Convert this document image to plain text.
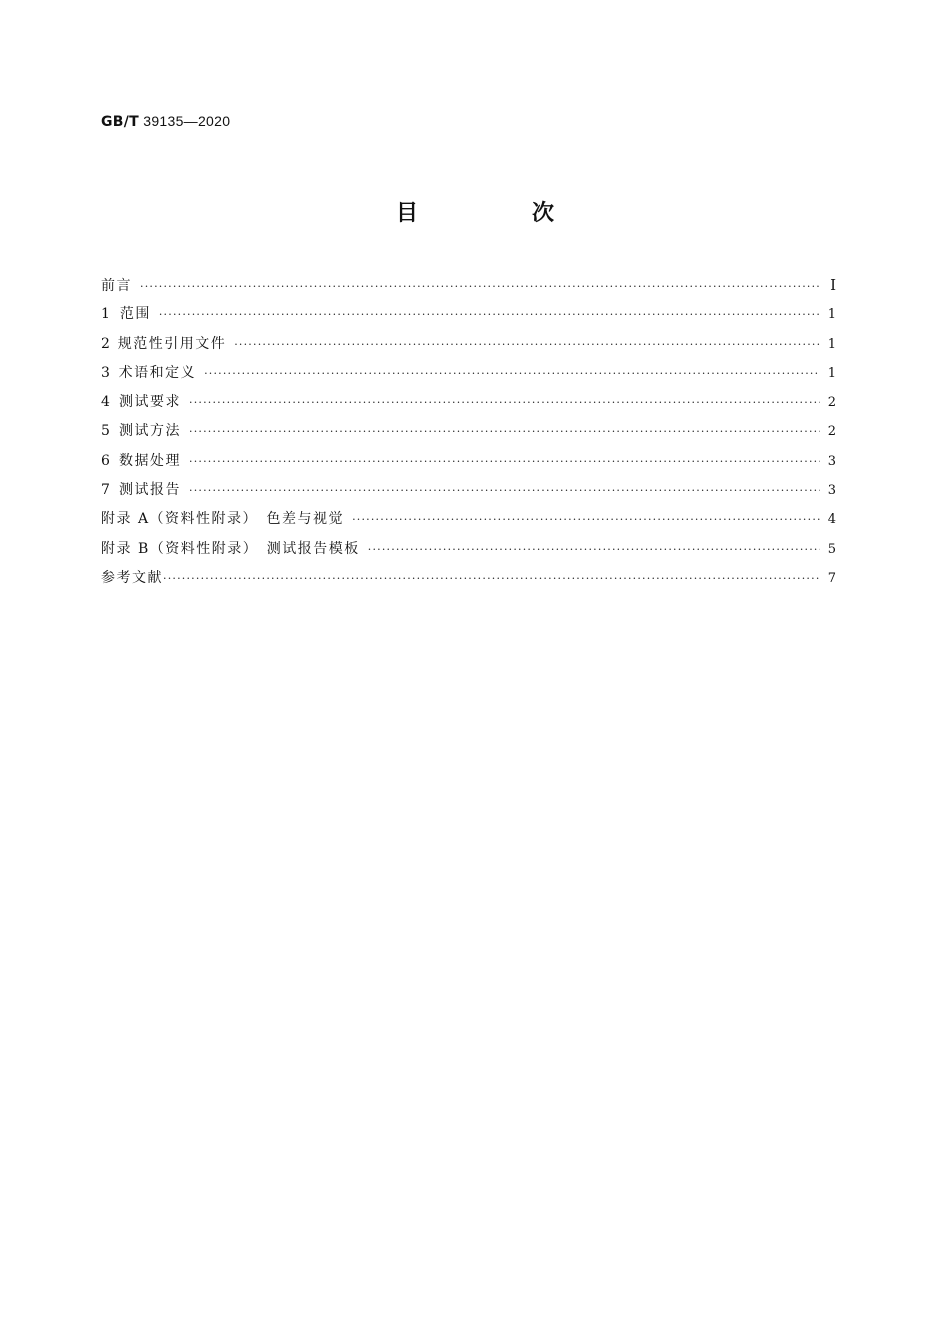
GB/T 39135—2020
目　次
前言 ·····	Ⅰ
1 范围 ·····	1
2 规范性引用文件 ·····	1
3 术语和定义 ·····	1
4 测试要求 ·····	2
5 测试方法 ·····	2
6 数据处理 ·····	3
7 测试报告 ·····	3
附录 A（资料性附录）　色差与视觉 ·····	4
附录 B（资料性附录）　测试报告模板 ·····	5
参考文献 ·····	7
